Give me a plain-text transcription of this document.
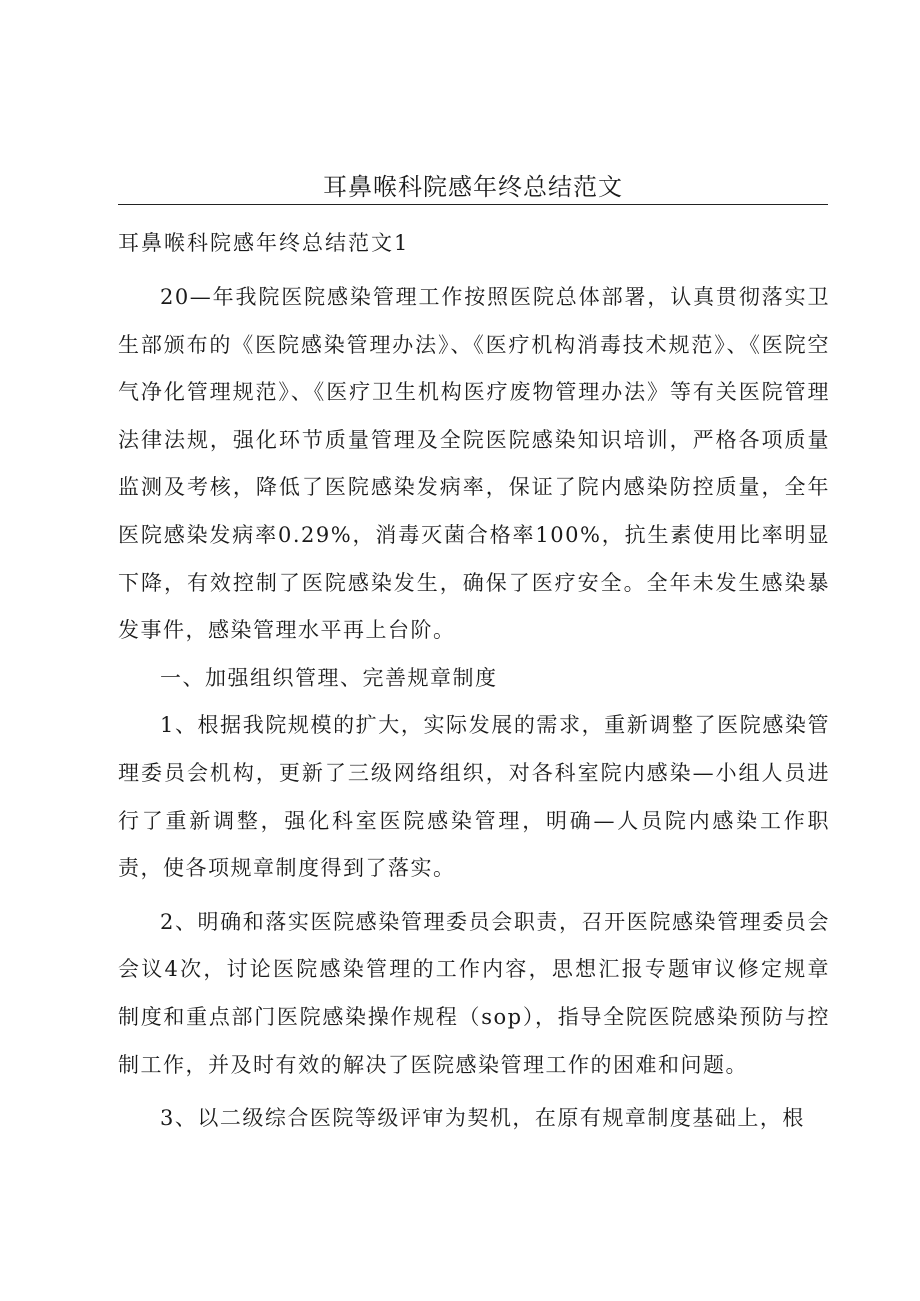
耳鼻喉科院感年终总结范文

耳鼻喉科院感年终总结范文1

20—年我院医院感染管理工作按照医院总体部署，认真贯彻落实卫生部颁布的《医院感染管理办法》、《医疗机构消毒技术规范》、《医院空气净化管理规范》、《医疗卫生机构医疗废物管理办法》等有关医院管理法律法规，强化环节质量管理及全院医院感染知识培训，严格各项质量监测及考核，降低了医院感染发病率，保证了院内感染防控质量，全年医院感染发病率0.29%，消毒灭菌合格率100%，抗生素使用比率明显下降，有效控制了医院感染发生，确保了医疗安全。全年未发生感染暴发事件，感染管理水平再上台阶。

一、加强组织管理、完善规章制度

1、根据我院规模的扩大，实际发展的需求，重新调整了医院感染管理委员会机构，更新了三级网络组织，对各科室院内感染—小组人员进行了重新调整，强化科室医院感染管理，明确—人员院内感染工作职责，使各项规章制度得到了落实。

2、明确和落实医院感染管理委员会职责，召开医院感染管理委员会会议4次，讨论医院感染管理的工作内容，思想汇报专题审议修定规章制度和重点部门医院感染操作规程（sop），指导全院医院感染预防与控制工作，并及时有效的解决了医院感染管理工作的困难和问题。

3、以二级综合医院等级评审为契机，在原有规章制度基础上，根
